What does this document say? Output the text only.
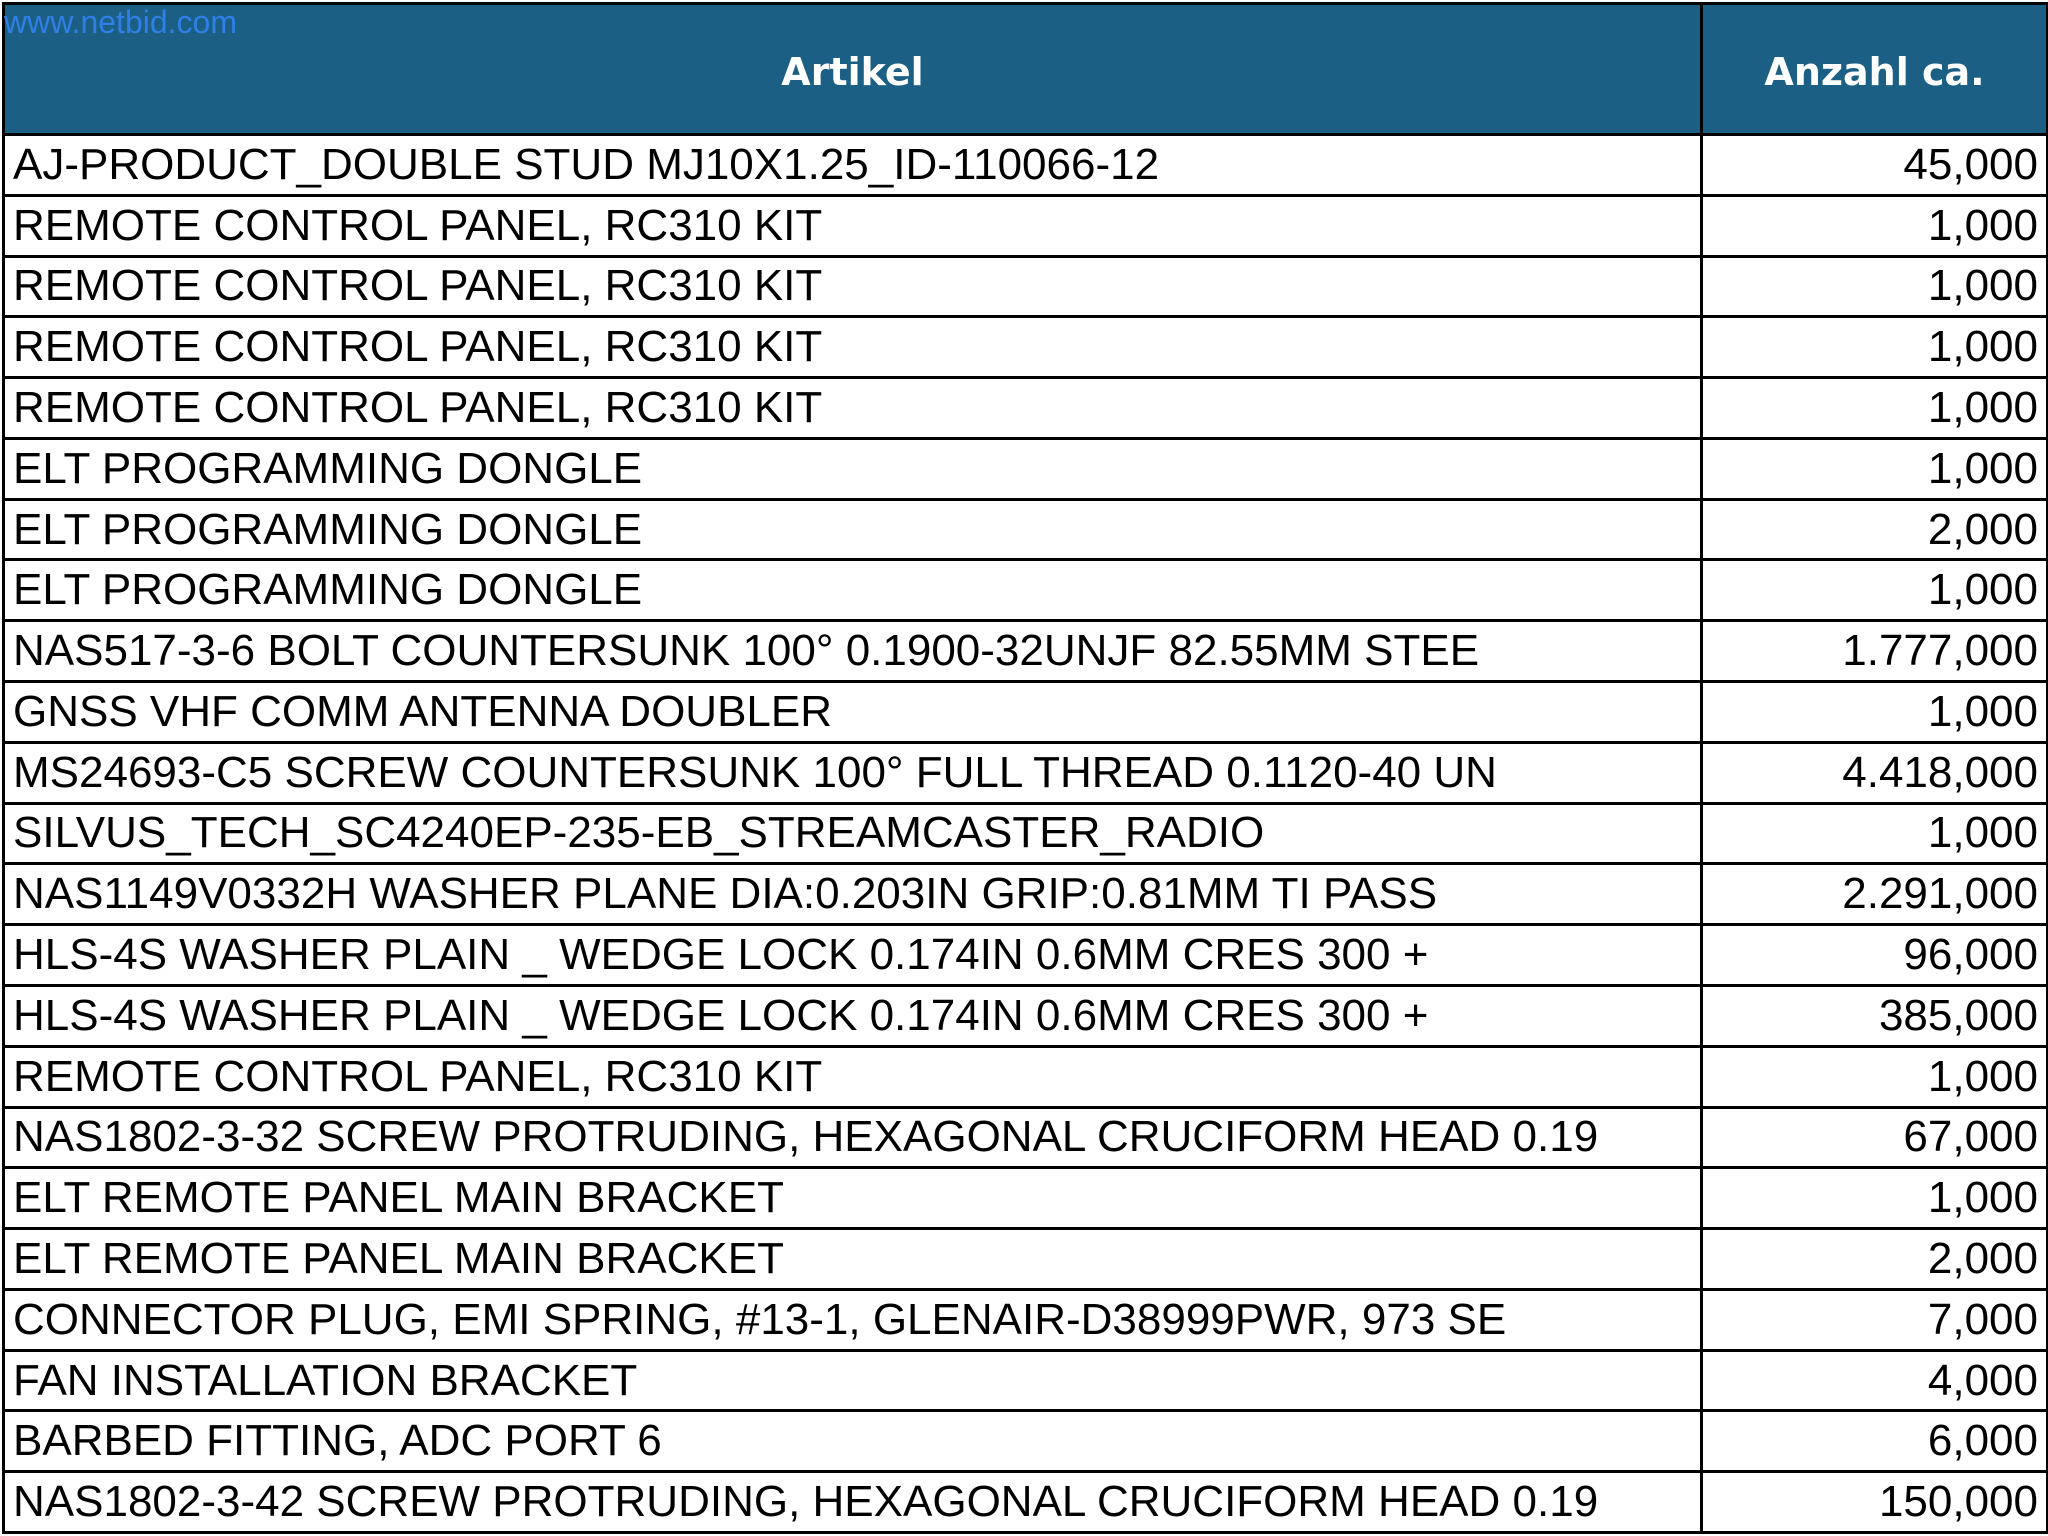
www.netbid.com
Artikel	Anzahl ca.
AJ-PRODUCT_DOUBLE STUD MJ10X1.25_ID-110066-12	45,000
REMOTE CONTROL PANEL, RC310 KIT	1,000
REMOTE CONTROL PANEL, RC310 KIT	1,000
REMOTE CONTROL PANEL, RC310 KIT	1,000
REMOTE CONTROL PANEL, RC310 KIT	1,000
ELT PROGRAMMING DONGLE	1,000
ELT PROGRAMMING DONGLE	2,000
ELT PROGRAMMING DONGLE	1,000
NAS517-3-6 BOLT COUNTERSUNK 100° 0.1900-32UNJF 82.55MM STEE	1.777,000
GNSS VHF COMM ANTENNA DOUBLER	1,000
MS24693-C5 SCREW COUNTERSUNK 100° FULL THREAD 0.1120-40 UN	4.418,000
SILVUS_TECH_SC4240EP-235-EB_STREAMCASTER_RADIO	1,000
NAS1149V0332H WASHER PLANE DIA:0.203IN GRIP:0.81MM TI PASS	2.291,000
HLS-4S WASHER PLAIN _ WEDGE LOCK 0.174IN 0.6MM CRES 300 +	96,000
HLS-4S WASHER PLAIN _ WEDGE LOCK 0.174IN 0.6MM CRES 300 +	385,000
REMOTE CONTROL PANEL, RC310 KIT	1,000
NAS1802-3-32 SCREW PROTRUDING, HEXAGONAL CRUCIFORM HEAD 0.19	67,000
ELT REMOTE PANEL MAIN BRACKET	1,000
ELT REMOTE PANEL MAIN BRACKET	2,000
CONNECTOR PLUG, EMI SPRING, #13-1, GLENAIR-D38999PWR, 973 SE	7,000
FAN INSTALLATION BRACKET	4,000
BARBED FITTING, ADC PORT 6	6,000
NAS1802-3-42 SCREW PROTRUDING, HEXAGONAL CRUCIFORM HEAD 0.19	150,000
